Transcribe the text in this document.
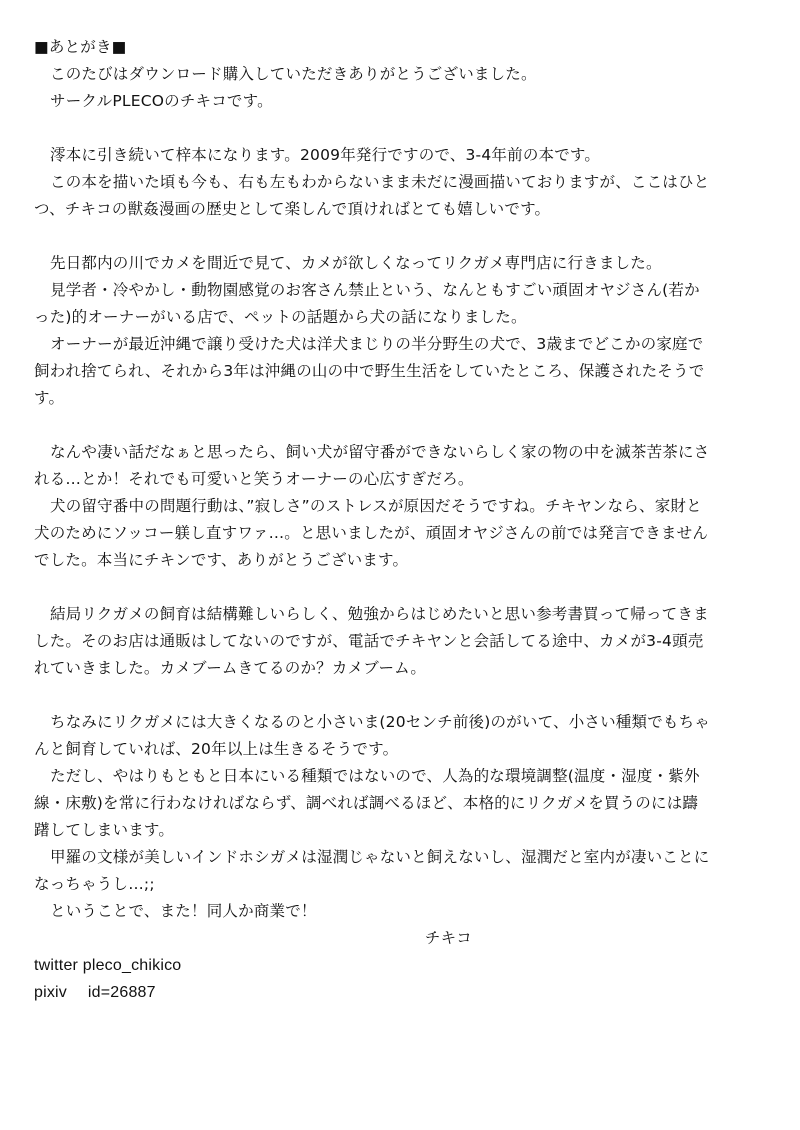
■あとがき■
このたびはダウンロード購入していただきありがとうございました。
サークルPLECOのチキコです。
澪本に引き続いて梓本になります。2009年発行ですので、3-4年前の本です。
この本を描いた頃も今も、右も左もわからないまま未だに漫画描いておりますが、ここはひと
つ、チキコの獣姦漫画の歴史として楽しんで頂ければとても嬉しいです。
先日都内の川でカメを間近で見て、カメが欲しくなってリクガメ専門店に行きました。
見学者・冷やかし・動物園感覚のお客さん禁止という、なんともすごい頑固オヤジさん(若か
った)的オーナーがいる店で、ペットの話題から犬の話になりました。
オーナーが最近沖縄で譲り受けた犬は洋犬まじりの半分野生の犬で、3歳までどこかの家庭で
飼われ捨てられ、それから3年は沖縄の山の中で野生生活をしていたところ、保護されたそうで
す。
なんや凄い話だなぁと思ったら、飼い犬が留守番ができないらしく家の物の中を滅茶苦茶にさ
れる…とか！それでも可愛いと笑うオーナーの心広すぎだろ。
犬の留守番中の問題行動は、”寂しさ”のストレスが原因だそうですね。チキヤンなら、家財と
犬のためにソッコー躾し直すワァ…。と思いましたが、頑固オヤジさんの前では発言できません
でした。本当にチキンです、ありがとうございます。
結局リクガメの飼育は結構難しいらしく、勉強からはじめたいと思い参考書買って帰ってきま
した。そのお店は通販はしてないのですが、電話でチキヤンと会話してる途中、カメが3-4頭売
れていきました。カメブームきてるのか？カメブーム。
ちなみにリクガメには大きくなるのと小さいま(20センチ前後)のがいて、小さい種類でもちゃ
んと飼育していれば、20年以上は生きるそうです。
ただし、やはりもともと日本にいる種類ではないので、人為的な環境調整(温度・湿度・紫外
線・床敷)を常に行わなければならず、調べれば調べるほど、本格的にリクガメを買うのには躊
躇してしまいます。
甲羅の文様が美しいインドホシガメは湿潤じゃないと飼えないし、湿潤だと室内が凄いことに
なっちゃうし…;;
ということで、また！同人か商業で！
チキコ
twitter pleco_chikico
pixiv  id=26887
